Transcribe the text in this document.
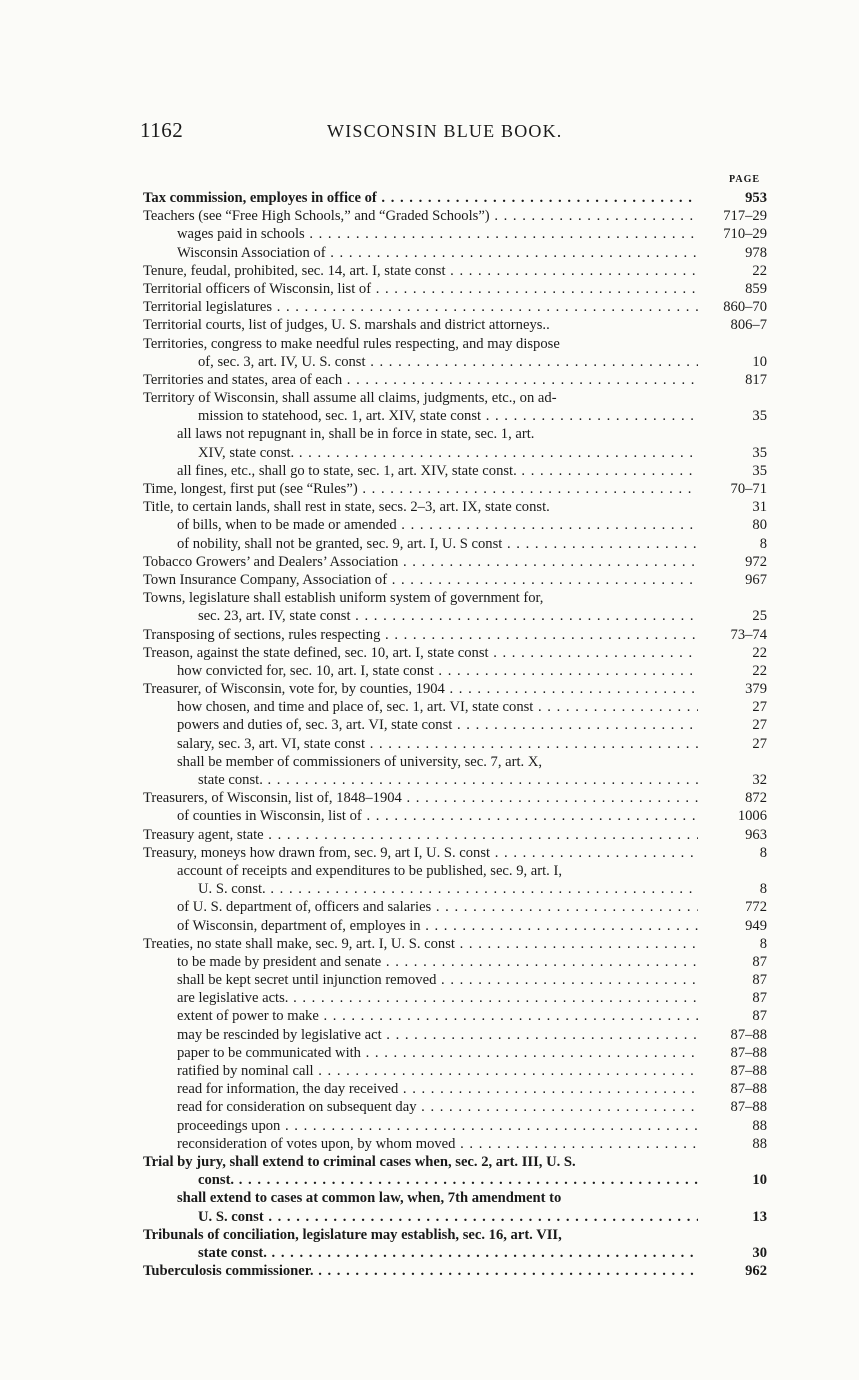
1162	WISCONSIN BLUE BOOK.
PAGE
Tax commission, employes in office of . . .	953
Teachers (see “Free High Schools,” and “Graded Schools”) . . .	717–29
wages paid in schools . . .	710–29
Wisconsin Association of . . .	978
Tenure, feudal, prohibited, sec. 14, art. I, state const . . .	22
Territorial officers of Wisconsin, list of . . .	859
Territorial legislatures . . .	860–70
Territorial courts, list of judges, U. S. marshals and district attorneys..	806–7
Territories, congress to make needful rules respecting, and may dispose
of, sec. 3, art. IV, U. S. const . . .	10
Territories and states, area of each . . .	817
Territory of Wisconsin, shall assume all claims, judgments, etc., on ad-
mission to statehood, sec. 1, art. XIV, state const . . .	35
all laws not repugnant in, shall be in force in state, sec. 1, art.
XIV, state const. . . .	35
all fines, etc., shall go to state, sec. 1, art. XIV, state const. . . .	35
Time, longest, first put (see “Rules”) . . .	70–71
Title, to certain lands, shall rest in state, secs. 2–3, art. IX, state const.	31
of bills, when to be made or amended . . .	80
of nobility, shall not be granted, sec. 9, art. I, U. S const . . .	8
Tobacco Growers’ and Dealers’ Association . . .	972
Town Insurance Company, Association of . . .	967
Towns, legislature shall establish uniform system of government for,
sec. 23, art. IV, state const . . .	25
Transposing of sections, rules respecting . . .	73–74
Treason, against the state defined, sec. 10, art. I, state const . . .	22
how convicted for, sec. 10, art. I, state const . . .	22
Treasurer, of Wisconsin, vote for, by counties, 1904 . . .	379
how chosen, and time and place of, sec. 1, art. VI, state const . . .	27
powers and duties of, sec. 3, art. VI, state const . . .	27
salary, sec. 3, art. VI, state const . . .	27
shall be member of commissioners of university, sec. 7, art. X,
state const. . . .	32
Treasurers, of Wisconsin, list of, 1848–1904 . . .	872
of counties in Wisconsin, list of . . .	1006
Treasury agent, state . . .	963
Treasury, moneys how drawn from, sec. 9, art I, U. S. const . . .	8
account of receipts and expenditures to be published, sec. 9, art. I,
U. S. const. . . .	8
of U. S. department of, officers and salaries . . .	772
of Wisconsin, department of, employes in . . .	949
Treaties, no state shall make, sec. 9, art. I, U. S. const . . .	8
to be made by president and senate . . .	87
shall be kept secret until injunction removed . . .	87
are legislative acts. . . .	87
extent of power to make . . .	87
may be rescinded by legislative act . . .	87–88
paper to be communicated with . . .	87–88
ratified by nominal call . . .	87–88
read for information, the day received . . .	87–88
read for consideration on subsequent day . . .	87–88
proceedings upon . . .	88
reconsideration of votes upon, by whom moved . . .	88
Trial by jury, shall extend to criminal cases when, sec. 2, art. III, U. S.
const. . . .	10
shall extend to cases at common law, when, 7th amendment to
U. S. const . . .	13
Tribunals of conciliation, legislature may establish, sec. 16, art. VII,
state const. . . .	30
Tuberculosis commissioner. . . .	962
